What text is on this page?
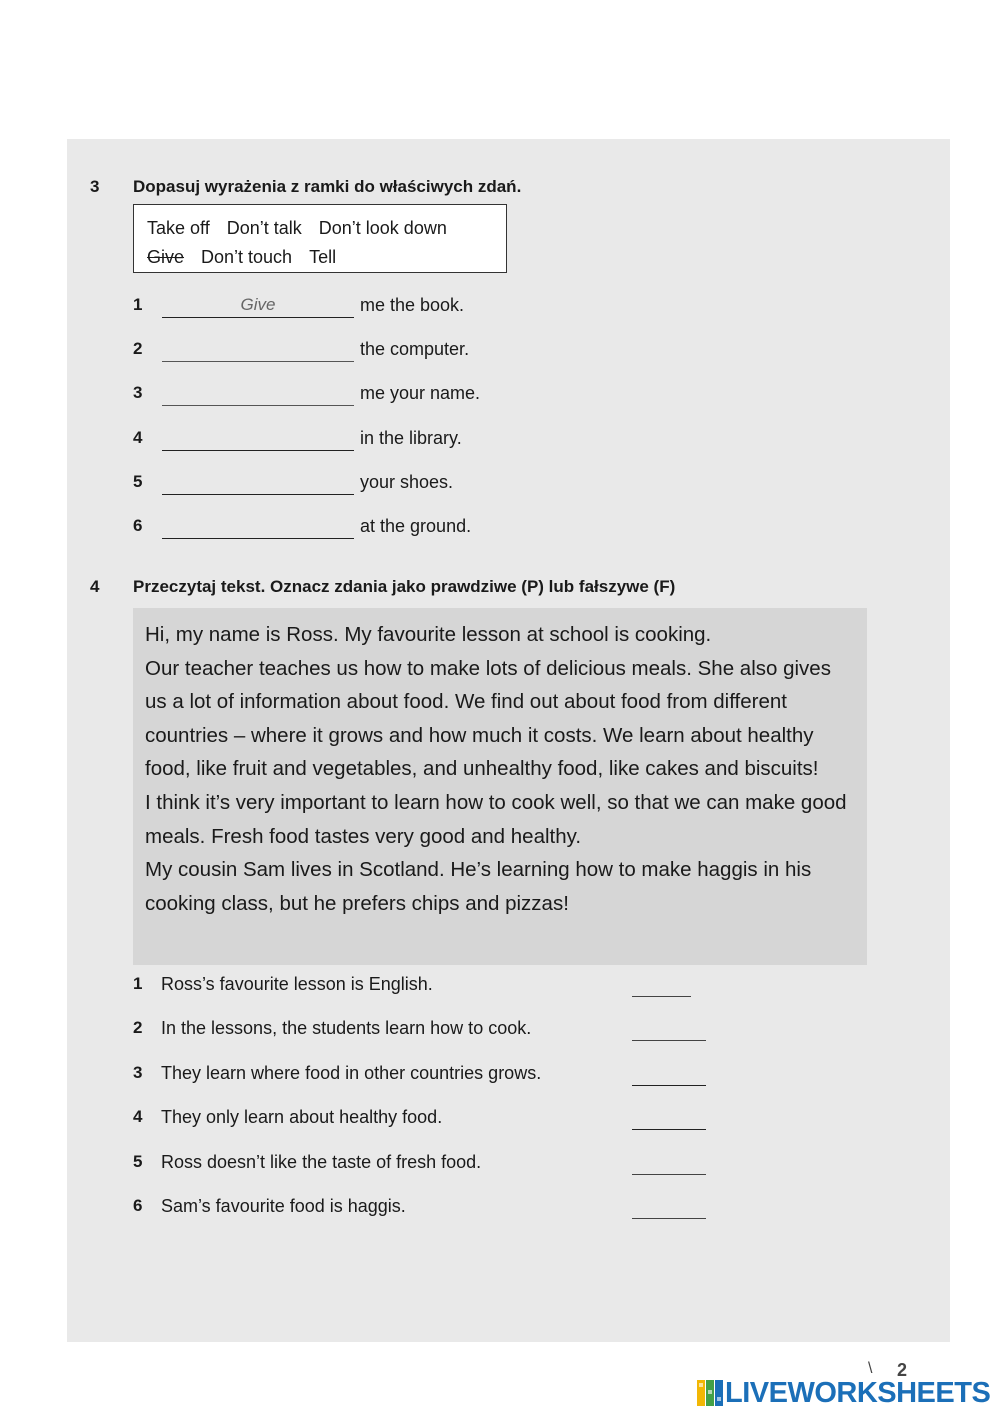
3 Dopasuj wyrażenia z ramki do właściwych zdań.
Take off Don’t talk Don’t look down
Give Don’t touch Tell
1	Give	me the book.
2	the computer.
3	me your name.
4	in the library.
5	your shoes.
6	at the ground.
4 Przeczytaj tekst. Oznacz zdania jako prawdziwe (P) lub fałszywe (F)

Hi, my name is Ross. My favourite lesson at school is cooking.

Our teacher teaches us how to make lots of delicious meals. She also gives us a lot of information about food. We find out about food from different countries – where it grows and how much it costs. We learn about healthy food, like fruit and vegetables, and unhealthy food, like cakes and biscuits!

I think it’s very important to learn how to cook well, so that we can make good meals. Fresh food tastes very good and healthy.

My cousin Sam lives in Scotland. He’s learning how to make haggis in his cooking class, but he prefers chips and pizzas!

1 Ross’s favourite lesson is English.
2 In the lessons, the students learn how to cook.
3 They learn where food in other countries grows.
4 They only learn about healthy food.
5 Ross doesn’t like the taste of fresh food.
6 Sam’s favourite food is haggis.
\ 2
LIVEWORKSHEETS
